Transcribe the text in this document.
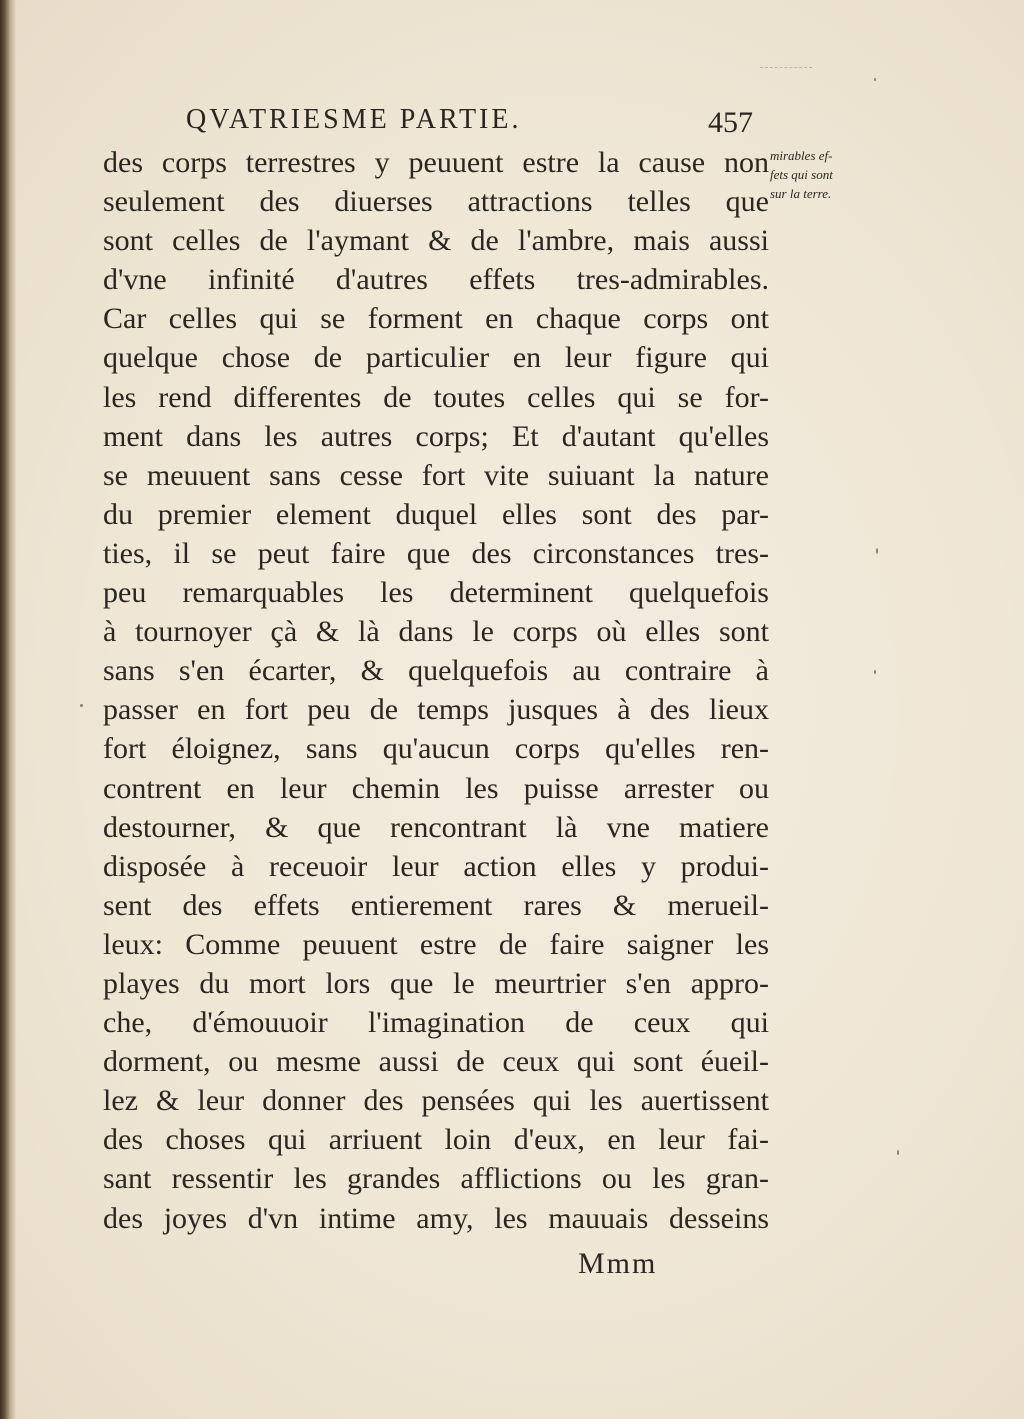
QVATRIESME PARTIE.	457
mirables ef-
fets qui sont
sur la terre.
des corps terrestres y peuuent estre la cause non
seulement des diuerses attractions telles que
sont celles de l'aymant & de l'ambre, mais aussi
d'vne infinité d'autres effets tres-admirables.
Car celles qui se forment en chaque corps ont
quelque chose de particulier en leur figure qui
les rend differentes de toutes celles qui se for-
ment dans les autres corps; Et d'autant qu'elles
se meuuent sans cesse fort vite suiuant la nature
du premier element duquel elles sont des par-
ties, il se peut faire que des circonstances tres-
peu remarquables les determinent quelquefois
à tournoyer çà & là dans le corps où elles sont
sans s'en écarter, & quelquefois au contraire à
passer en fort peu de temps jusques à des lieux
fort éloignez, sans qu'aucun corps qu'elles ren-
contrent en leur chemin les puisse arrester ou
destourner, & que rencontrant là vne matiere
disposée à receuoir leur action elles y produi-
sent des effets entierement rares & merueil-
leux: Comme peuuent estre de faire saigner les
playes du mort lors que le meurtrier s'en appro-
che, d'émouuoir l'imagination de ceux qui
dorment, ou mesme aussi de ceux qui sont éueil-
lez & leur donner des pensées qui les auertissent
des choses qui arriuent loin d'eux, en leur fai-
sant ressentir les grandes afflictions ou les gran-
des joyes d'vn intime amy, les mauuais desseins
Mmm
